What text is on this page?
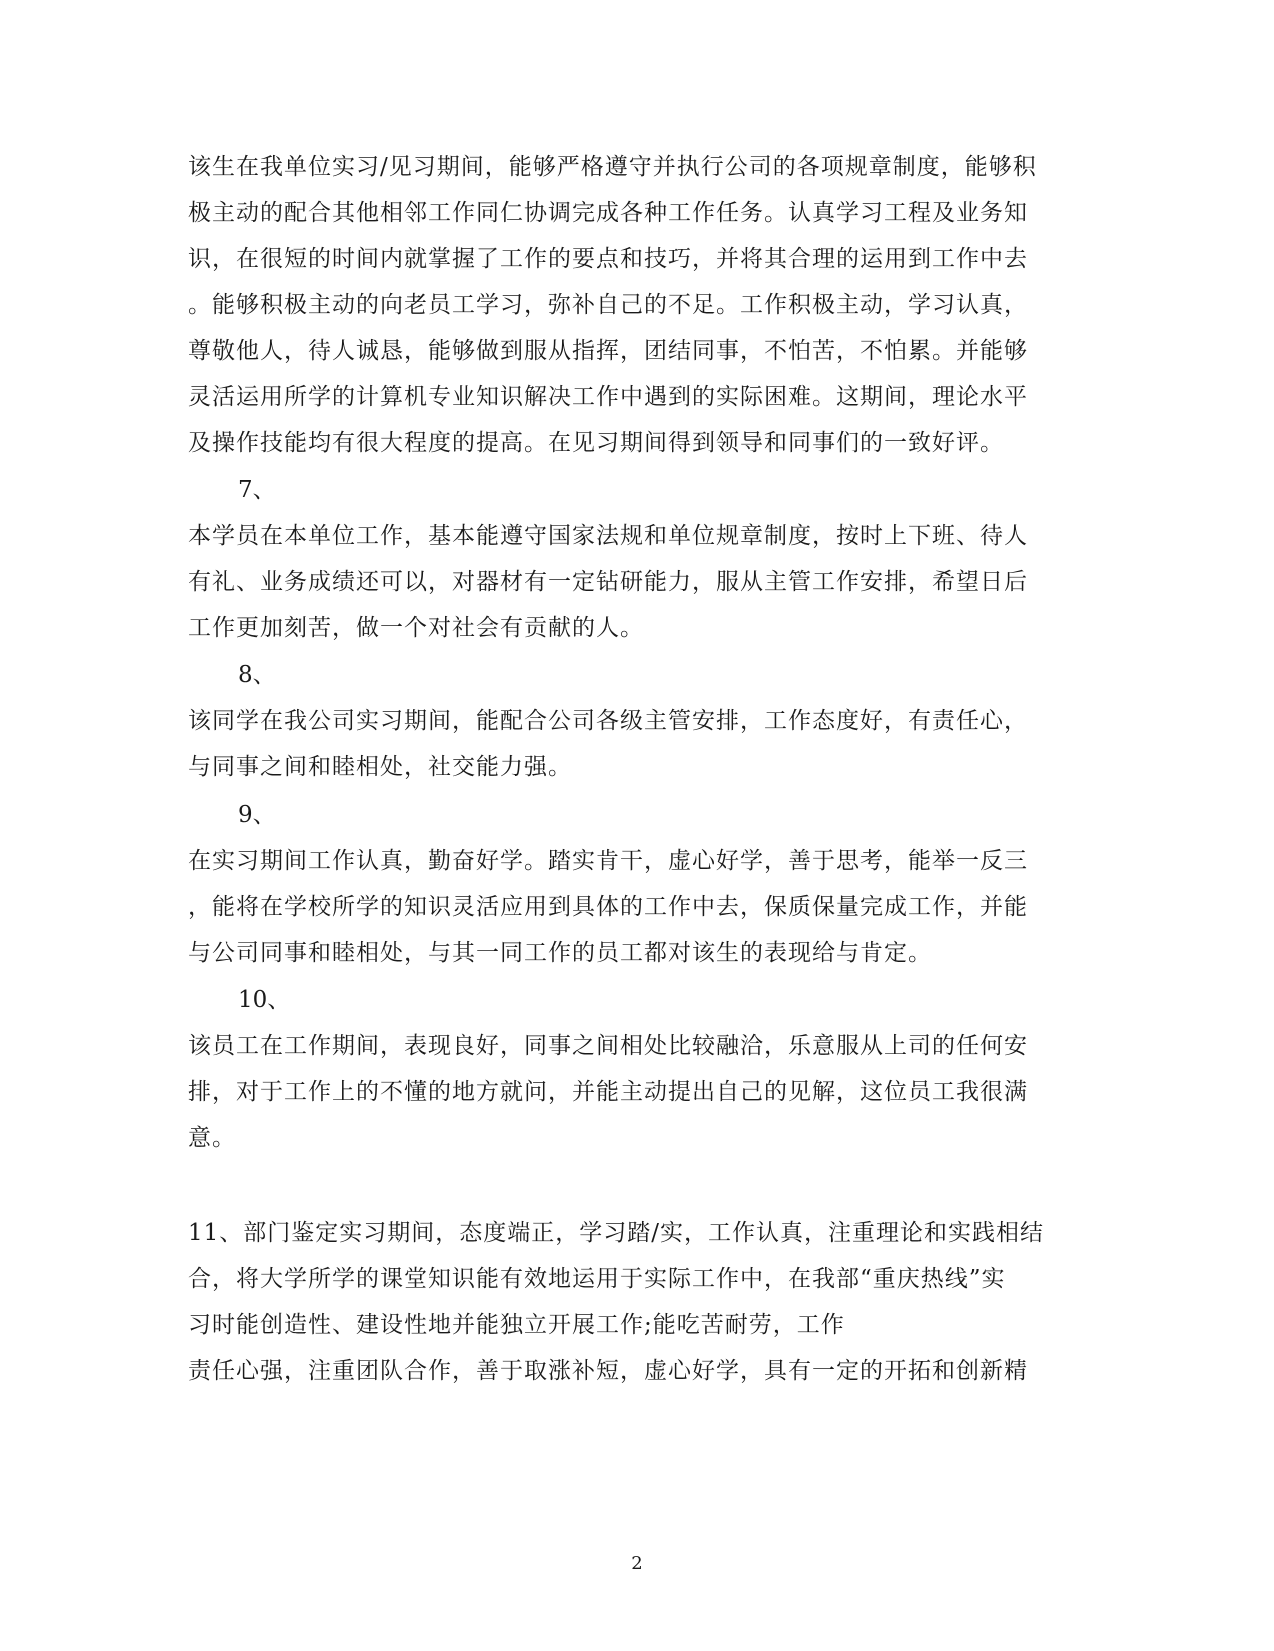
该生在我单位实习/见习期间，能够严格遵守并执行公司的各项规章制度，能够积
极主动的配合其他相邻工作同仁协调完成各种工作任务。认真学习工程及业务知
识，在很短的时间内就掌握了工作的要点和技巧，并将其合理的运用到工作中去
。能够积极主动的向老员工学习，弥补自己的不足。工作积极主动，学习认真，
尊敬他人，待人诚恳，能够做到服从指挥，团结同事，不怕苦，不怕累。并能够
灵活运用所学的计算机专业知识解决工作中遇到的实际困难。这期间，理论水平
及操作技能均有很大程度的提高。在见习期间得到领导和同事们的一致好评。
7、
本学员在本单位工作，基本能遵守国家法规和单位规章制度，按时上下班、待人
有礼、业务成绩还可以，对器材有一定钻研能力，服从主管工作安排，希望日后
工作更加刻苦，做一个对社会有贡献的人。
8、
该同学在我公司实习期间，能配合公司各级主管安排，工作态度好，有责任心，
与同事之间和睦相处，社交能力强。
9、
在实习期间工作认真，勤奋好学。踏实肯干，虚心好学，善于思考，能举一反三
，能将在学校所学的知识灵活应用到具体的工作中去，保质保量完成工作，并能
与公司同事和睦相处，与其一同工作的员工都对该生的表现给与肯定。
10、
该员工在工作期间，表现良好，同事之间相处比较融洽，乐意服从上司的任何安
排，对于工作上的不懂的地方就问，并能主动提出自己的见解，这位员工我很满
意。
11、部门鉴定实习期间，态度端正，学习踏/实，工作认真，注重理论和实践相结
合，将大学所学的课堂知识能有效地运用于实际工作中，在我部“重庆热线”实
习时能创造性、建设性地并能独立开展工作;能吃苦耐劳，工作
责任心强，注重团队合作，善于取涨补短，虚心好学，具有一定的开拓和创新精
2
